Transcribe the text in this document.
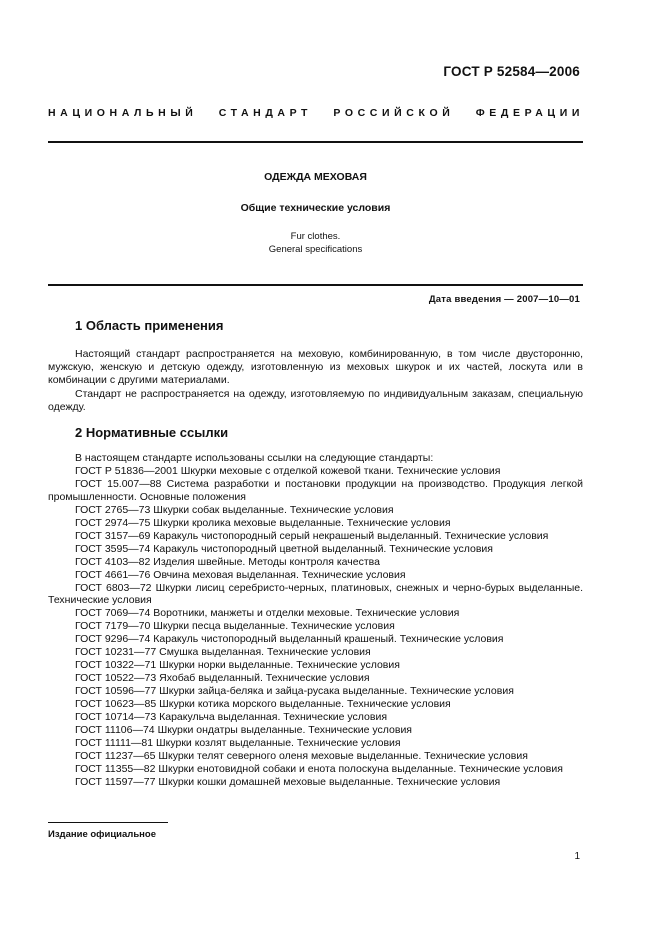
ГОСТ Р 52584—2006
НАЦИОНАЛЬНЫЙ СТАНДАРТ РОССИЙСКОЙ ФЕДЕРАЦИИ
ОДЕЖДА МЕХОВАЯ
Общие технические условия
Fur clothes.
General specifications
Дата введения — 2007—10—01
1 Область применения
Настоящий стандарт распространяется на меховую, комбинированную, в том числе двусторонню, мужскую, женскую и детскую одежду, изготовленную из меховых шкурок и их частей, лоскута или в комбинации с другими материалами.
Стандарт не распространяется на одежду, изготовляемую по индивидуальным заказам, специальную одежду.
2 Нормативные ссылки
В настоящем стандарте использованы ссылки на следующие стандарты:
ГОСТ Р 51836—2001 Шкурки меховые с отделкой кожевой ткани. Технические условия
ГОСТ 15.007—88 Система разработки и постановки продукции на производство. Продукция легкой промышленности. Основные положения
ГОСТ 2765—73 Шкурки собак выделанные. Технические условия
ГОСТ 2974—75 Шкурки кролика меховые выделанные. Технические условия
ГОСТ 3157—69 Каракуль чистопородный серый некрашеный выделанный. Технические условия
ГОСТ 3595—74 Каракуль чистопородный цветной выделанный. Технические условия
ГОСТ 4103—82 Изделия швейные. Методы контроля качества
ГОСТ 4661—76 Овчина меховая выделанная. Технические условия
ГОСТ 6803—72 Шкурки лисиц серебристо-черных, платиновых, снежных и черно-бурых выделанные. Технические условия
ГОСТ 7069—74 Воротники, манжеты и отделки меховые. Технические условия
ГОСТ 7179—70 Шкурки песца выделанные. Технические условия
ГОСТ 9296—74 Каракуль чистопородный выделанный крашеный. Технические условия
ГОСТ 10231—77 Смушка выделанная. Технические условия
ГОСТ 10322—71 Шкурки норки выделанные. Технические условия
ГОСТ 10522—73 Яхобаб выделанный. Технические условия
ГОСТ 10596—77 Шкурки зайца-беляка и зайца-русака выделанные. Технические условия
ГОСТ 10623—85 Шкурки котика морского выделанные. Технические условия
ГОСТ 10714—73 Каракульча выделанная. Технические условия
ГОСТ 11106—74 Шкурки ондатры выделанные. Технические условия
ГОСТ 11111—81 Шкурки козлят выделанные. Технические условия
ГОСТ 11237—65 Шкурки телят северного оленя меховые выделанные. Технические условия
ГОСТ 11355—82 Шкурки енотовидной собаки и енота полоскуна выделанные. Технические условия
ГОСТ 11597—77 Шкурки кошки домашней меховые выделанные. Технические условия
Издание официальное
1
